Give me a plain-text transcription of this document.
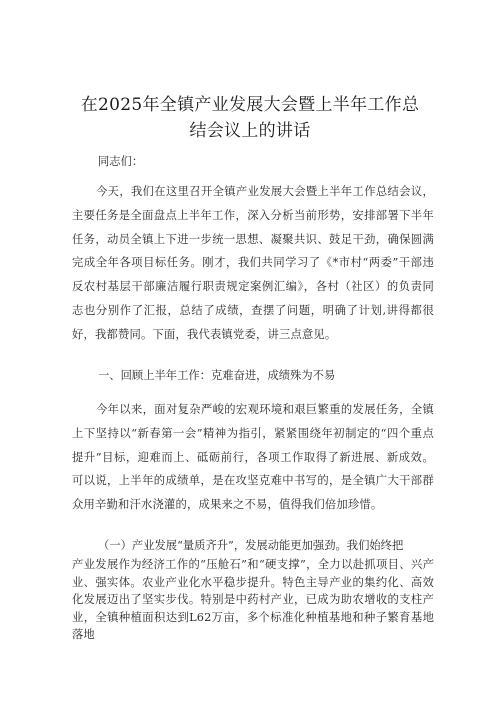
在2025年全镇产业发展大会暨上半年工作总
结会议上的讲话
同志们：
今天，我们在这里召开全镇产业发展大会暨上半年工作总结会议，主要任务是全面盘点上半年工作，深入分析当前形势，安排部署下半年任务，动员全镇上下进一步统一思想、凝聚共识、鼓足干劲，确保圆满完成全年各项目标任务。刚才，我们共同学习了《*市村“两委”干部违反农村基层干部廉洁履行职责规定案例汇编》，各村（社区）的负责同志也分别作了汇报，总结了成绩，查摆了问题，明确了计划,讲得都很好，我都赞同。下面，我代表镇党委，讲三点意见。
一、回顾上半年工作：克难奋进，成绩殊为不易
今年以来，面对复杂严峻的宏观环境和艰巨繁重的发展任务，全镇上下坚持以“新春第一会”精神为指引，紧紧围绕年初制定的“四个重点提升”目标，迎难而上、砥砺前行，各项工作取得了新进展、新成效。可以说，上半年的成绩单，是在攻坚克难中书写的，是全镇广大干部群众用辛勤和汗水浇灌的，成果来之不易，值得我们倍加珍惜。
（一）产业发展“量质齐升”，发展动能更加强劲。我们始终把
产业发展作为经济工作的“压舱石”和“硬支撑”，全力以赴抓项目、兴产业、强实体。农业产业化水平稳步提升。特色主导产业的集约化、高效化发展迈出了坚实步伐。特别是中药村产业，已成为助农增收的支柱产业，全镇种植面积达到L62万亩，多个标准化种植基地和种子繁育基地落地
